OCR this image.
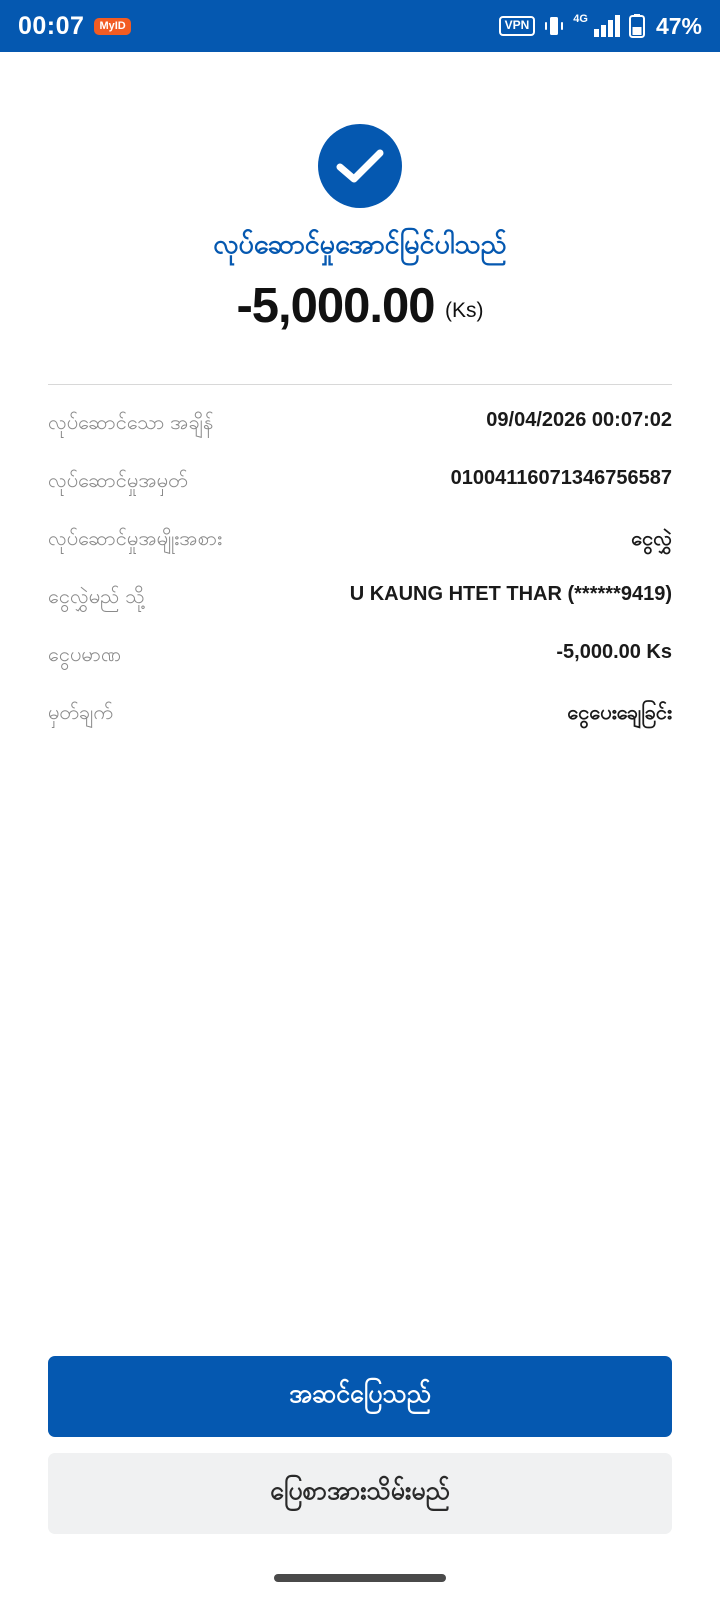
00:07	MyID	VPN	4G	47%
လုပ်ဆောင်မှုအောင်မြင်ပါသည်
-5,000.00 (Ks)
လုပ်ဆောင်သော အချိန်	09/04/2026 00:07:02
လုပ်ဆောင်မှုအမှတ်	01004116071346756587
လုပ်ဆောင်မှုအမျိုးအစား	ငွေလွှဲ
ငွေလွှဲမည် သို့	U KAUNG HTET THAR (******9419)
ငွေပမာဏ	-5,000.00 Ks
မှတ်ချက်	ငွေပေးချေခြင်း
အဆင်ပြေသည်
ပြေစာအားသိမ်းမည်
